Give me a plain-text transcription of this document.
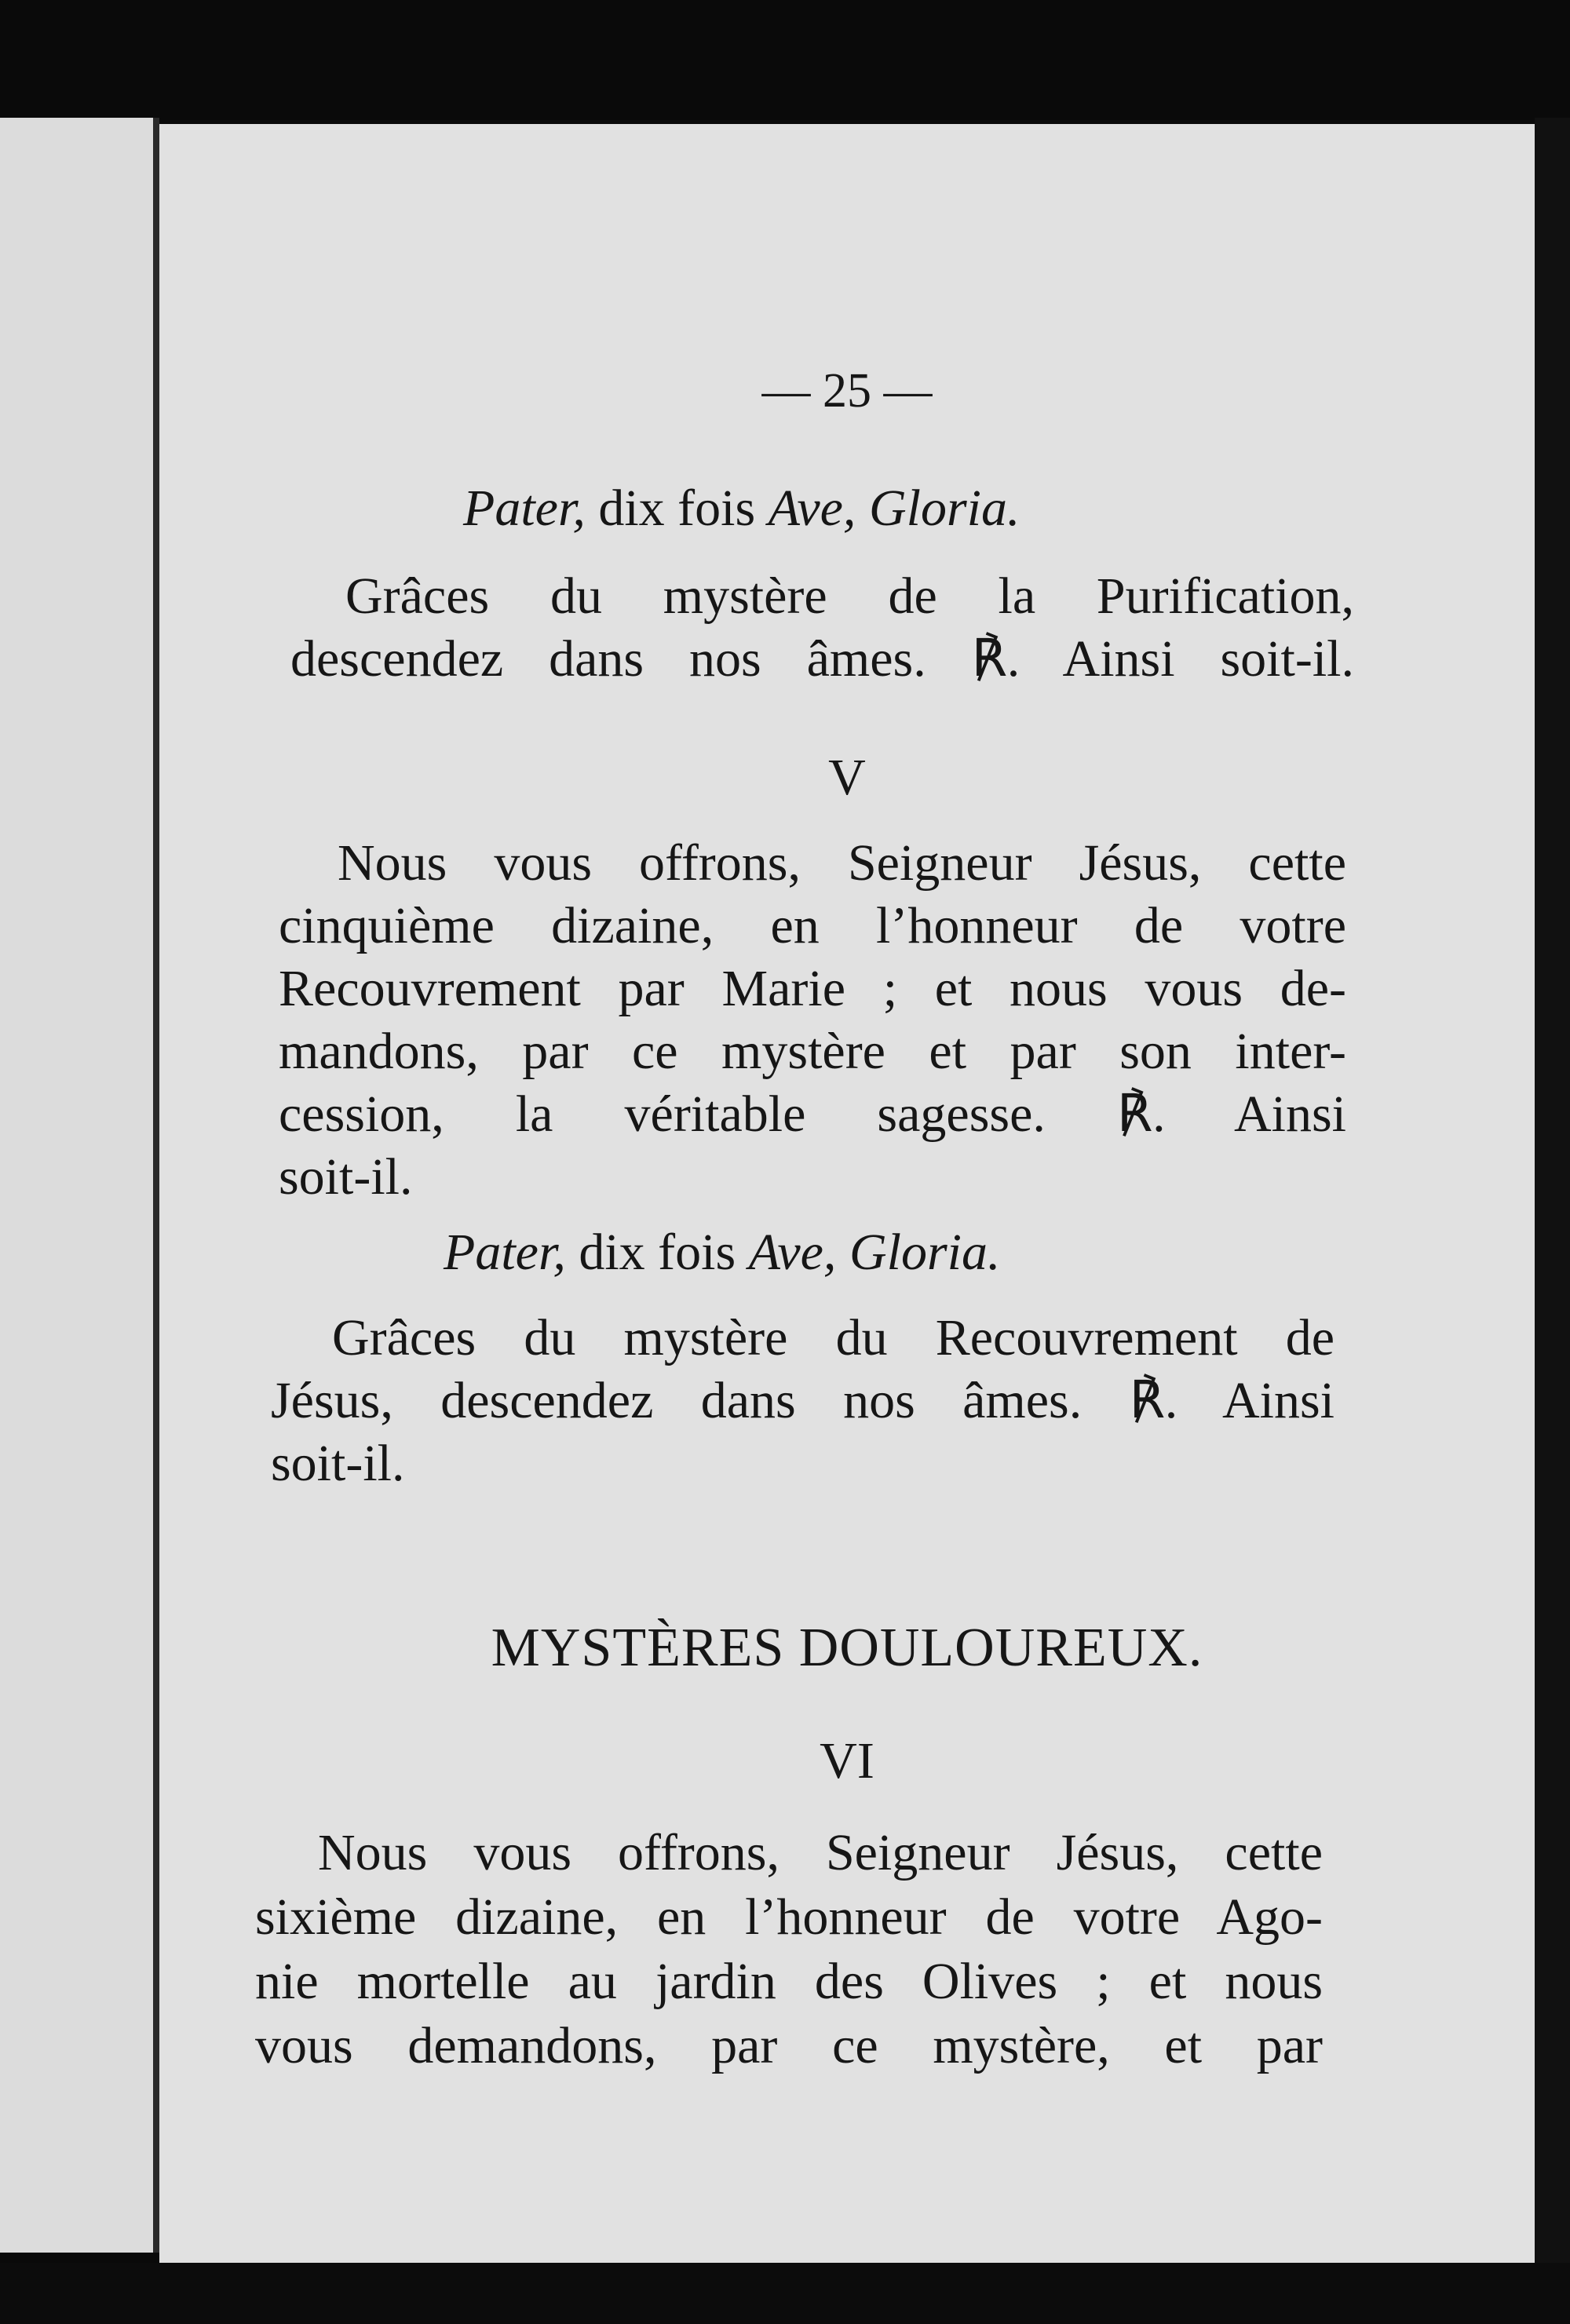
— 25 —
Pater, dix fois Ave, Gloria.
Grâces du mystère de la Purification,
descendez dans nos âmes. ℟. Ainsi soit-il.
V
Nous vous offrons, Seigneur Jésus, cette
cinquième dizaine, en l’honneur de votre
Recouvrement par Marie ; et nous vous de-
mandons, par ce mystère et par son inter-
cession, la véritable sagesse. ℟. Ainsi
soit-il.
Pater, dix fois Ave, Gloria.
Grâces du mystère du Recouvrement de
Jésus, descendez dans nos âmes. ℟. Ainsi
soit-il.
MYSTÈRES DOULOUREUX.
VI
Nous vous offrons, Seigneur Jésus, cette
sixième dizaine, en l’honneur de votre Ago-
nie mortelle au jardin des Olives ; et nous
vous demandons, par ce mystère, et par
